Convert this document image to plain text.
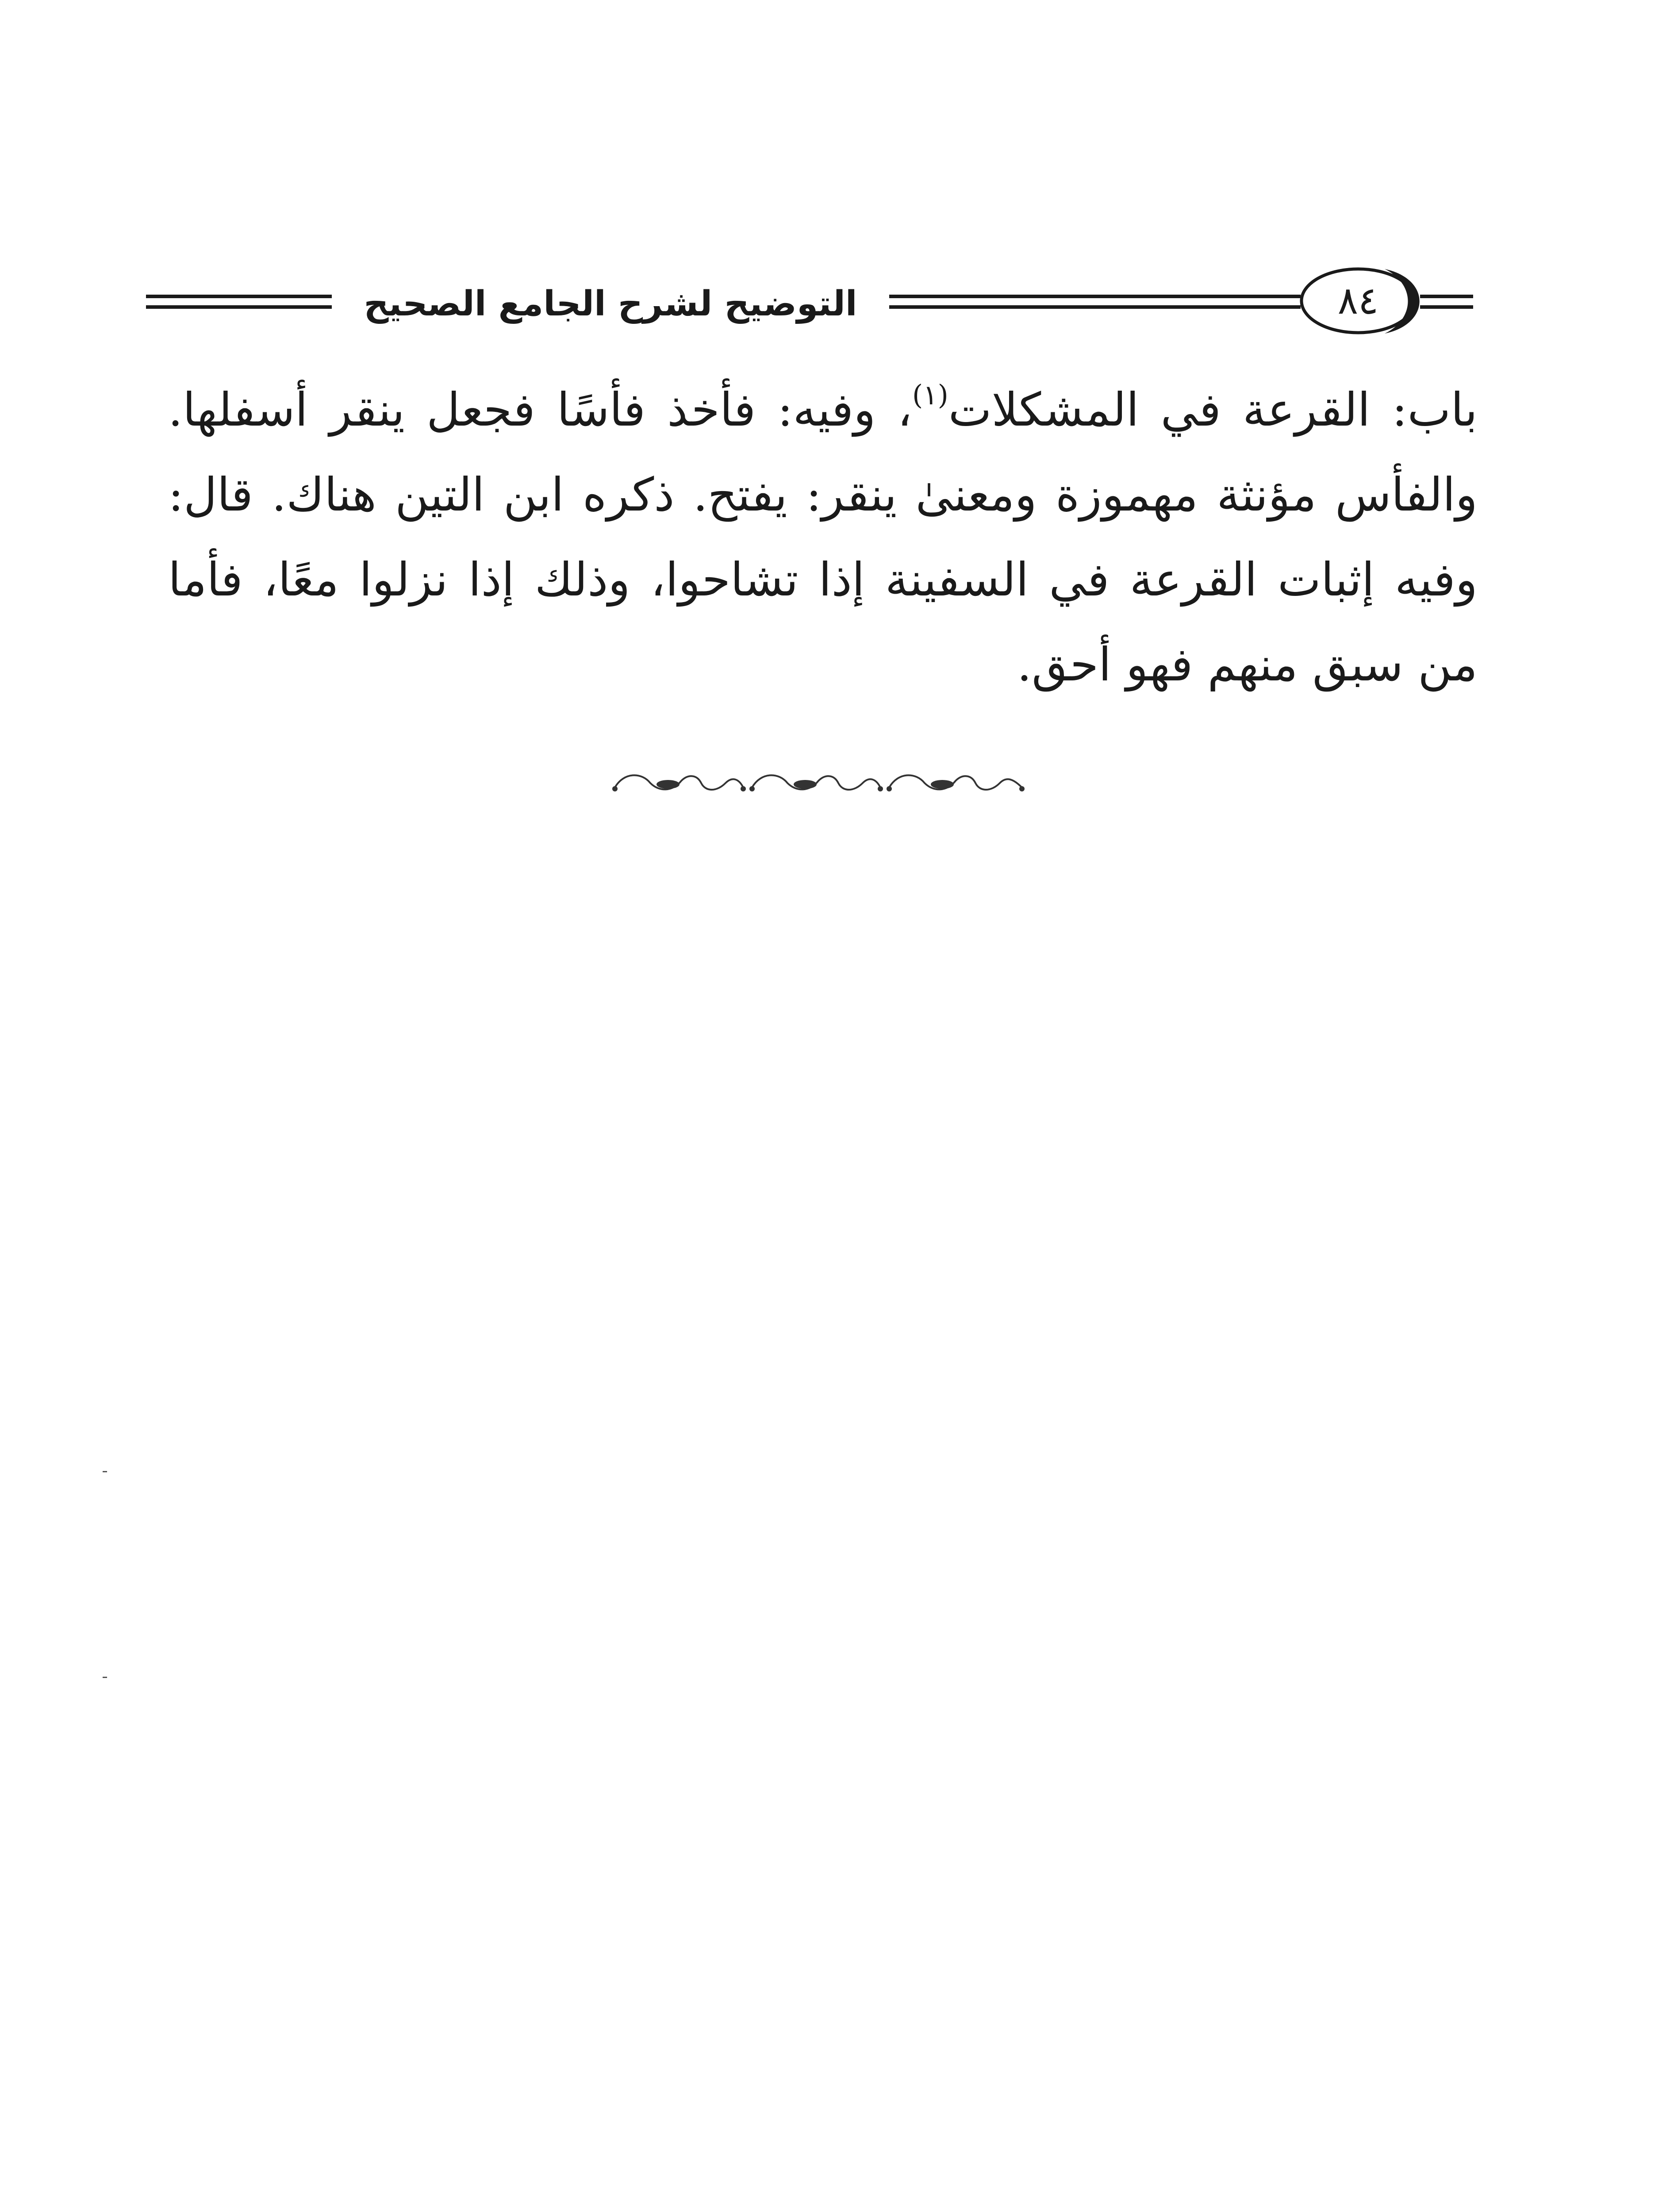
التوضيح لشرح الجامع الصحيح	٨٤

باب: القرعة في المشكلات$^{(١)}$، وفيه: فأخذ فأسًا فجعل ينقر أسفلها. والفأس مؤنثة مهموزة ومعنىٰ ينقر: يفتح. ذكره ابن التين هناك. قال: وفيه إثبات القرعة في السفينة إذا تشاحوا، وذلك إذا نزلوا معًا، فأما من سبق منهم فهو أحق.
